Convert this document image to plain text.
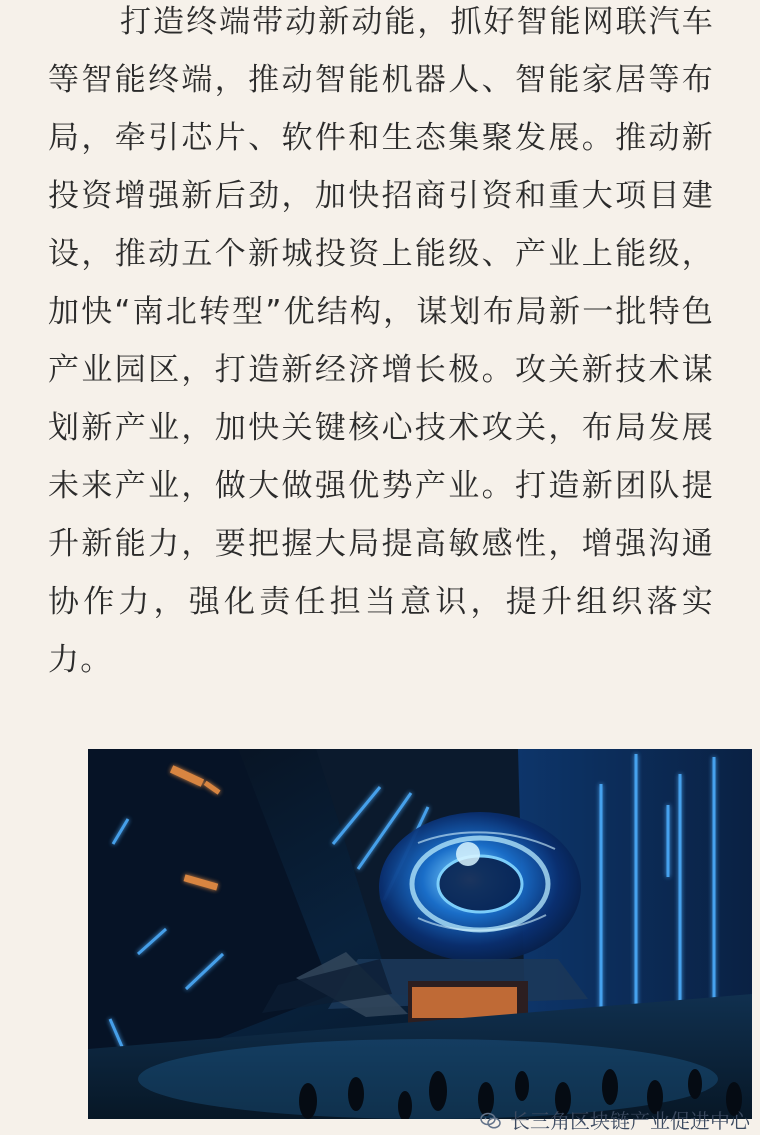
打造终端带动新动能，抓好智能网联汽车
等智能终端，推动智能机器人、智能家居等布
局，牵引芯片、软件和生态集聚发展。推动新
投资增强新后劲，加快招商引资和重大项目建
设，推动五个新城投资上能级、产业上能级，
加快“南北转型”优结构，谋划布局新一批特色
产业园区，打造新经济增长极。攻关新技术谋
划新产业，加快关键核心技术攻关，布局发展
未来产业，做大做强优势产业。打造新团队提
升新能力，要把握大局提高敏感性，增强沟通
协作力，强化责任担当意识，提升组织落实
力。
长三角区块链产业促进中心
